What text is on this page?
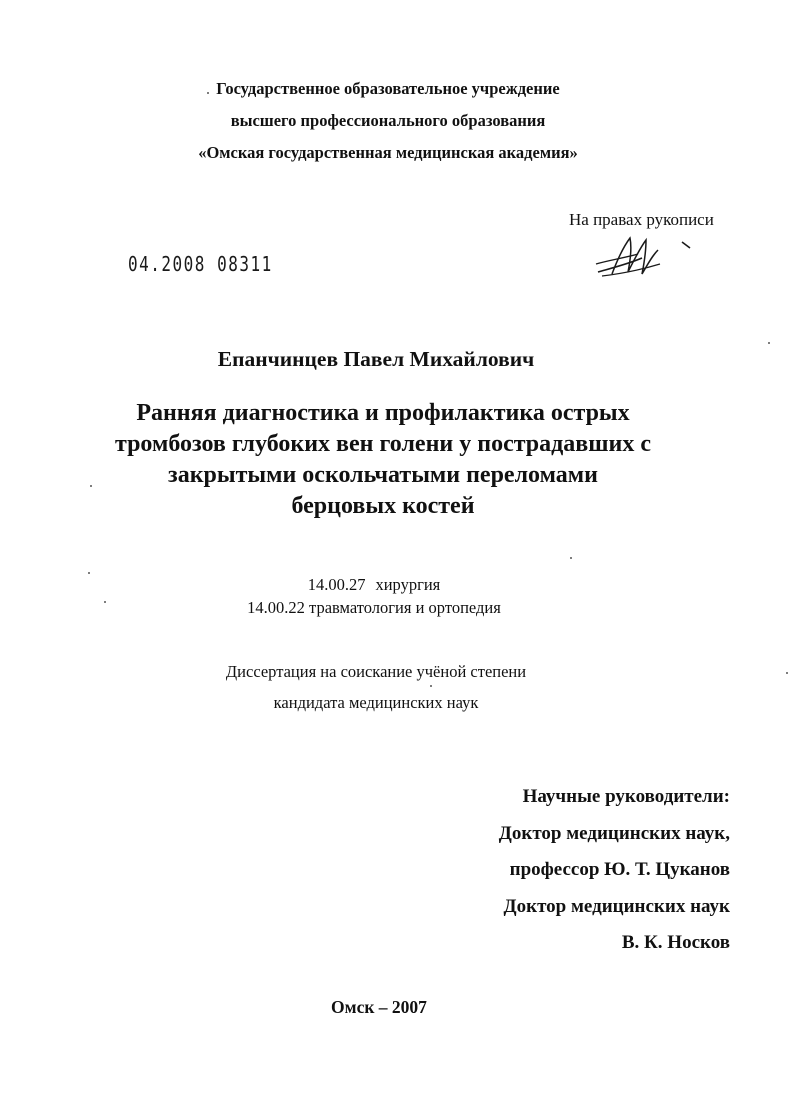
Государственное образовательное учреждение
высшего профессионального образования
«Омская государственная медицинская академия»
На правах рукописи
04.2008 08311
Епанчинцев Павел Михайлович
Ранняя диагностика и профилактика острых
тромбозов глубоких вен голени у пострадавших с
закрытыми оскольчатыми переломами
берцовых костей
14.00.27 хирургия
14.00.22 травматология и ортопедия
Диссертация на соискание учёной степени
кандидата медицинских наук
Научные руководители:
Доктор медицинских наук,
профессор Ю. Т. Цуканов
Доктор медицинских наук
В. К. Носков
Омск – 2007
